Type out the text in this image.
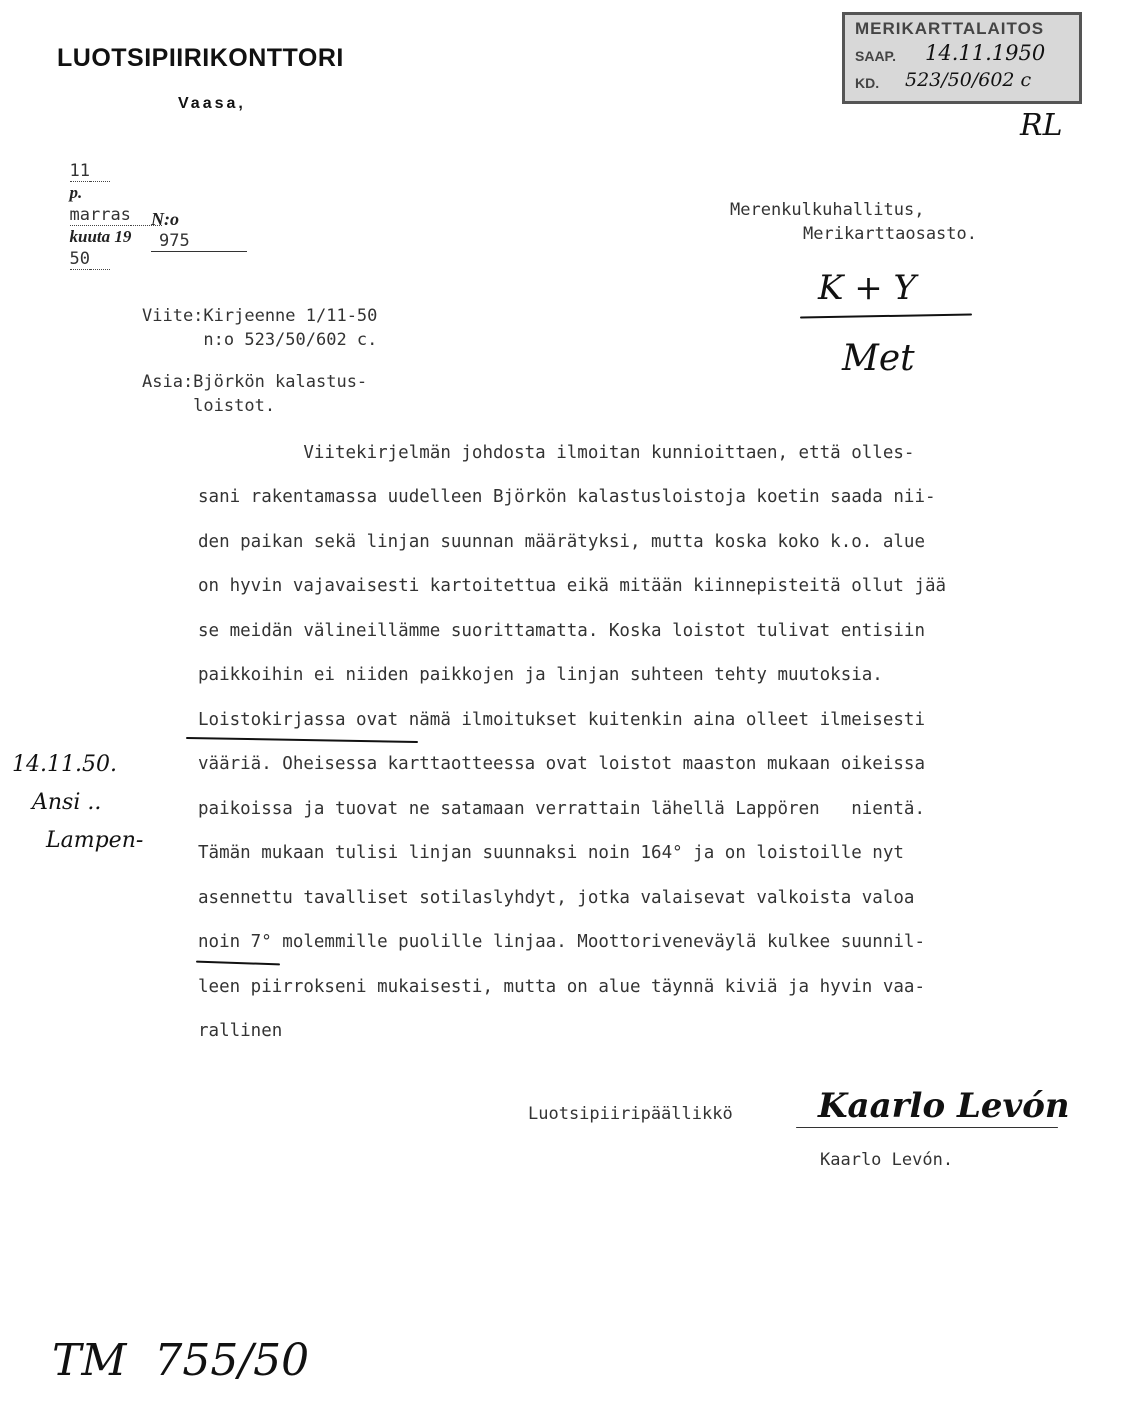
LUOTSIPIIRIKONTTORI
Vaasa,

11
p.
marras
kuuta 19
50

N:o
975

MERIKARTTALAITOS

SAAP.

14.11.1950

KD.

523/50/602 c

RL
K + Y
Met
Merenkulkuhallitus,
Merikarttaosasto.
Viite:Kirjeenne 1/11-50
n:o 523/50/602 c.
Asia:Björkön kalastus-
loistot.
Viitekirjelmän johdosta ilmoitan kunnioittaen, että olles-
sani rakentamassa uudelleen Björkön kalastusloistoja koetin saada nii-
den paikan sekä linjan suunnan määrätyksi, mutta koska koko k.o. alue
on hyvin vajavaisesti kartoitettua eikä mitään kiinnepisteitä ollut jää
se meidän välineillämme suorittamatta. Koska loistot tulivat entisiin
paikkoihin ei niiden paikkojen ja linjan suhteen tehty muutoksia.
Loistokirjassa ovat nämä ilmoitukset kuitenkin aina olleet ilmeisesti
vääriä. Oheisessa karttaotteessa ovat loistot maaston mukaan oikeissa
paikoissa ja tuovat ne satamaan verrattain lähellä Lappören   nientä.
Tämän mukaan tulisi linjan suunnaksi noin 164° ja on loistoille nyt
asennettu tavalliset sotilaslyhdyt, jotka valaisevat valkoista valoa
noin 7° molemmille puolille linjaa. Moottoriveneväylä kulkee suunnil-
leen piirrokseni mukaisesti, mutta on alue täynnä kiviä ja hyvin vaa-
rallinen
14.11.50.
Ansi ..
Lampen-
Luotsipiiripäällikkö	Kaarlo Levón
Kaarlo Levón.
TM  755/50
